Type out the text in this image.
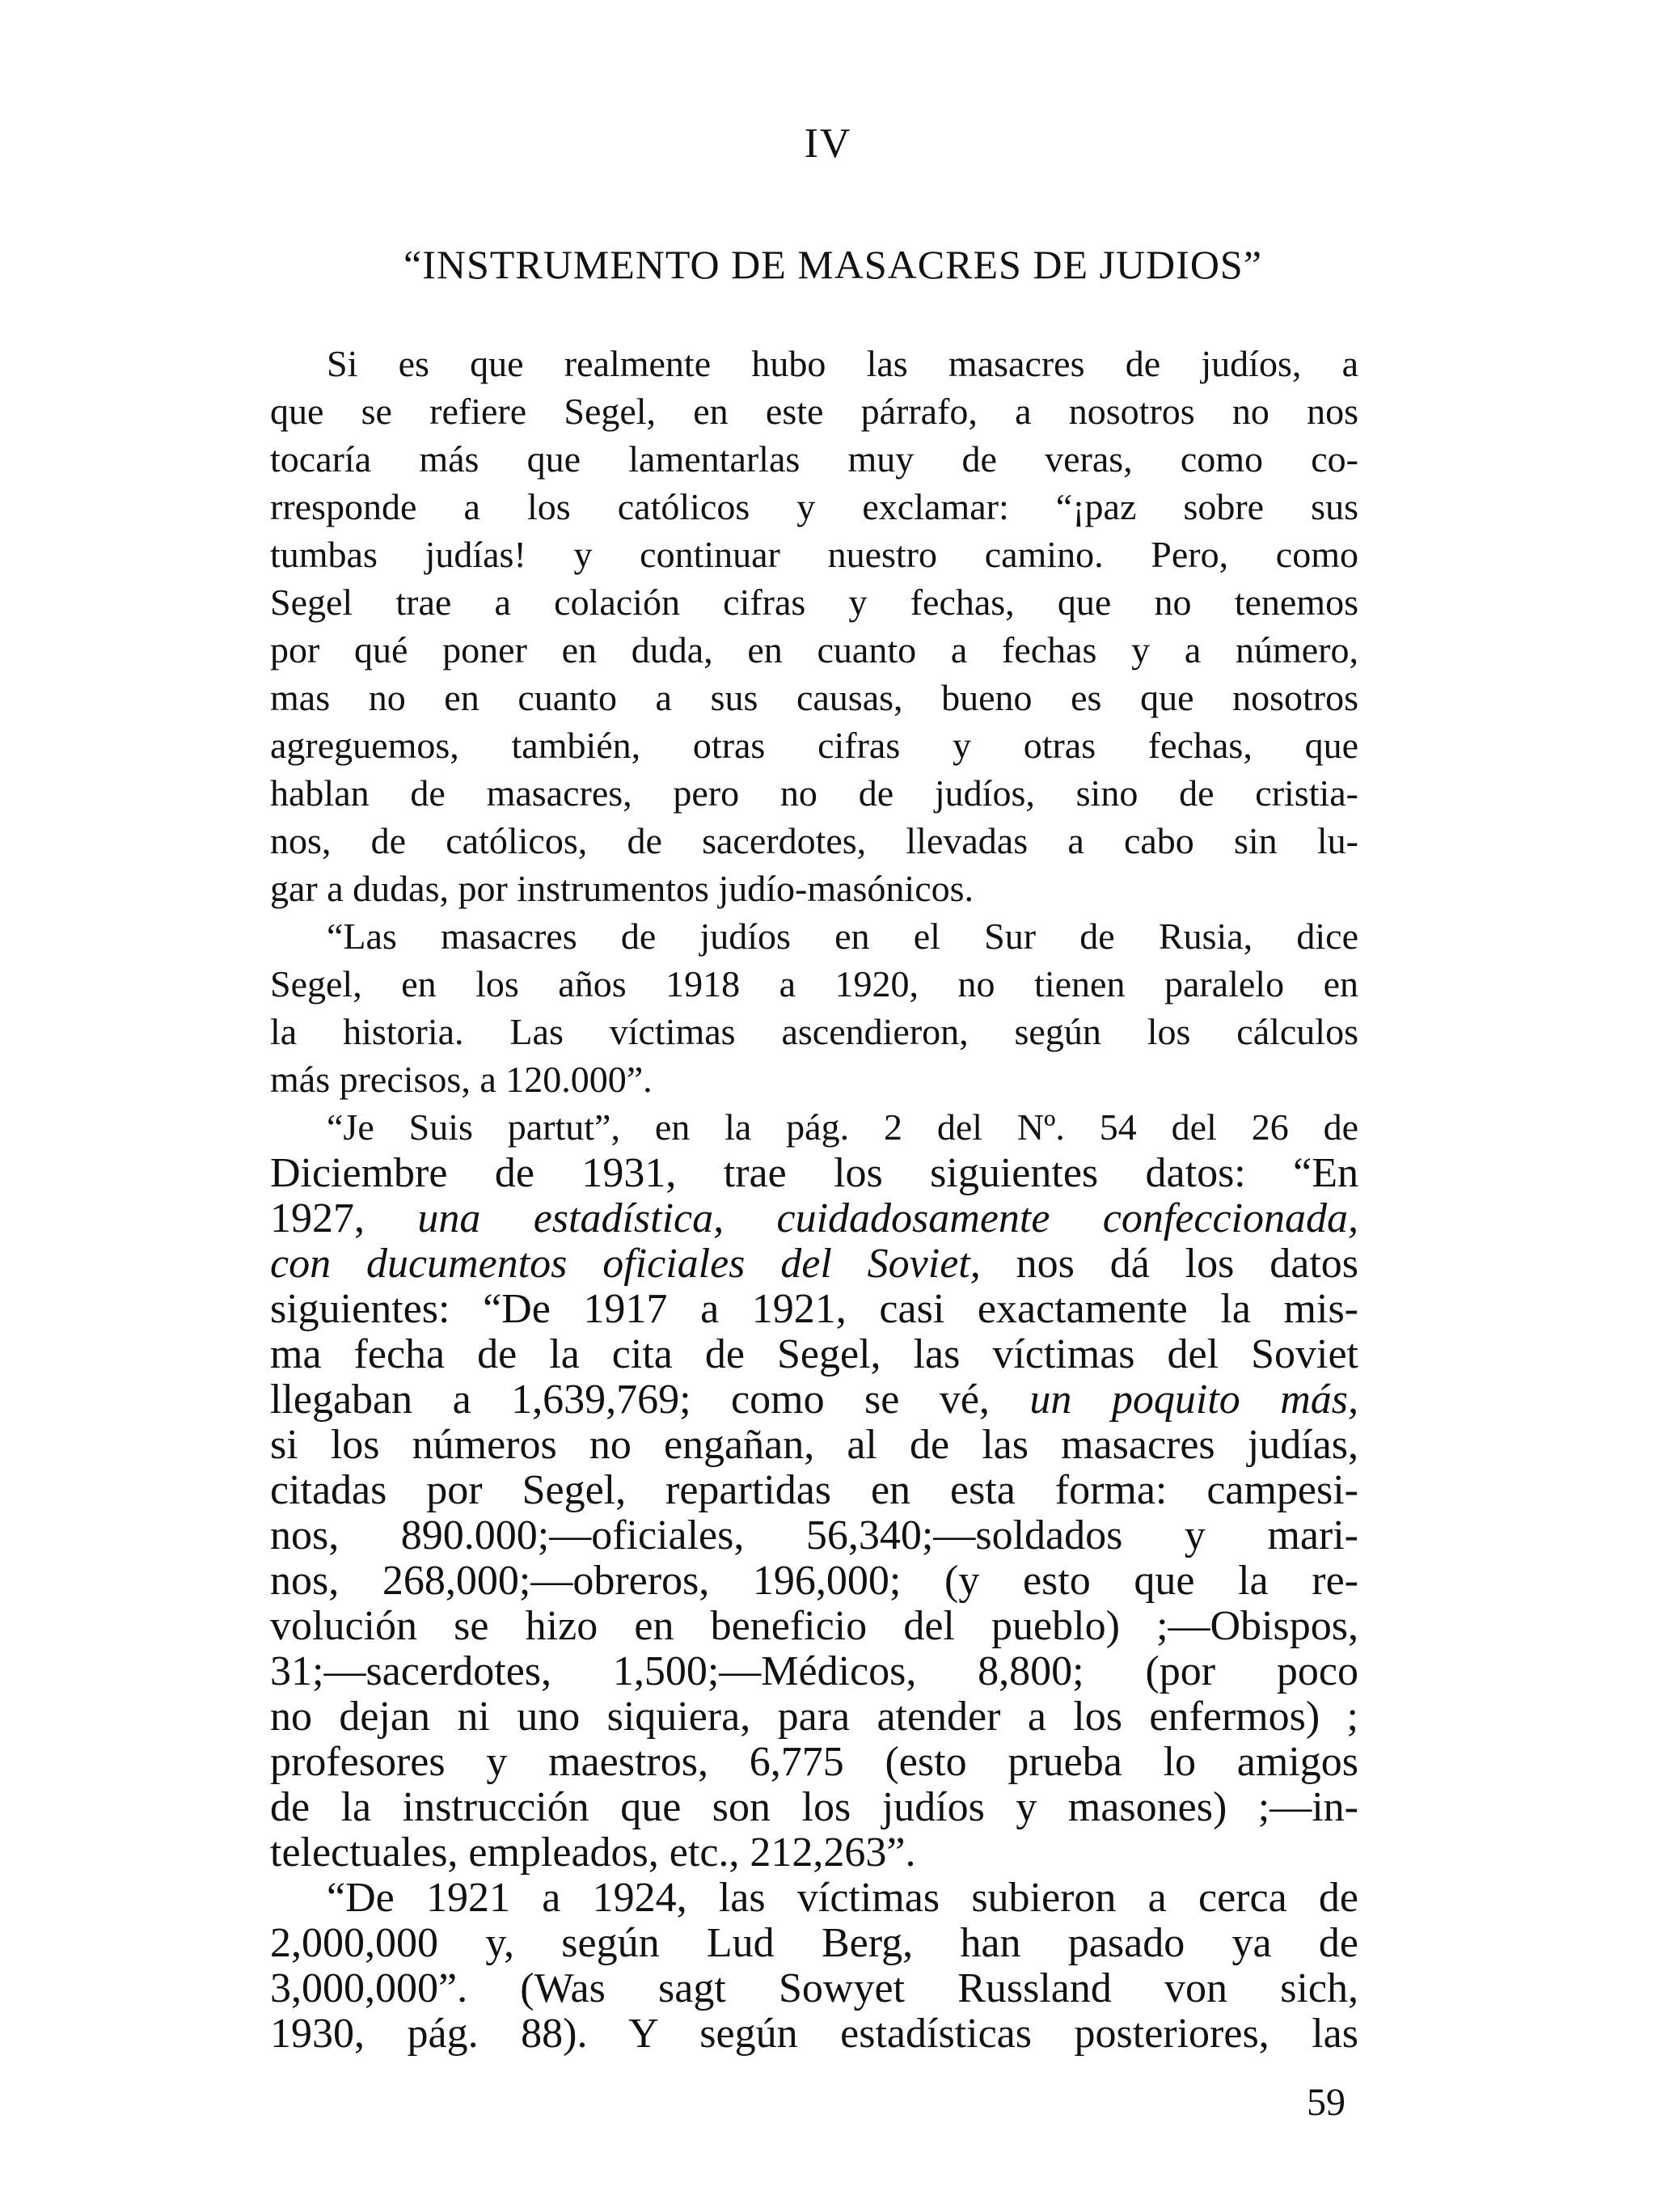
IV
“INSTRUMENTO DE MASACRES DE JUDIOS”
Si es que realmente hubo las masacres de judíos, a
que se refiere Segel, en este párrafo, a nosotros no nos
tocaría más que lamentarlas muy de veras, como co-
rresponde a los católicos y exclamar: “¡paz sobre sus
tumbas judías! y continuar nuestro camino. Pero, como
Segel trae a colación cifras y fechas, que no tenemos
por qué poner en duda, en cuanto a fechas y a número,
mas no en cuanto a sus causas, bueno es que nosotros
agreguemos, también, otras cifras y otras fechas, que
hablan de masacres, pero no de judíos, sino de cristia-
nos, de católicos, de sacerdotes, llevadas a cabo sin lu-
gar a dudas, por instrumentos judío-masónicos.
“Las masacres de judíos en el Sur de Rusia, dice
Segel, en los años 1918 a 1920, no tienen paralelo en
la historia. Las víctimas ascendieron, según los cálculos
más precisos, a 120.000”.
“Je Suis partut”, en la pág. 2 del Nº. 54 del 26 de
Diciembre de 1931, trae los siguientes datos: “En
1927, una estadística, cuidadosamente confeccionada,
con ducumentos oficiales del Soviet, nos dá los datos
siguientes: “De 1917 a 1921, casi exactamente la mis-
ma fecha de la cita de Segel, las víctimas del Soviet
llegaban a 1,639,769; como se vé, un poquito más,
si los números no engañan, al de las masacres judías,
citadas por Segel, repartidas en esta forma: campesi-
nos, 890.000;—oficiales, 56,340;—soldados y mari-
nos, 268,000;—obreros, 196,000; (y esto que la re-
volución se hizo en beneficio del pueblo) ;—Obispos,
31;—sacerdotes, 1,500;—Médicos, 8,800; (por poco
no dejan ni uno siquiera, para atender a los enfermos) ;
profesores y maestros, 6,775 (esto prueba lo amigos
de la instrucción que son los judíos y masones) ;—in-
telectuales, empleados, etc., 212,263”.
“De 1921 a 1924, las víctimas subieron a cerca de
2,000,000 y, según Lud Berg, han pasado ya de
3,000,000”. (Was sagt Sowyet Russland von sich,
1930, pág. 88). Y según estadísticas posteriores, las
59
